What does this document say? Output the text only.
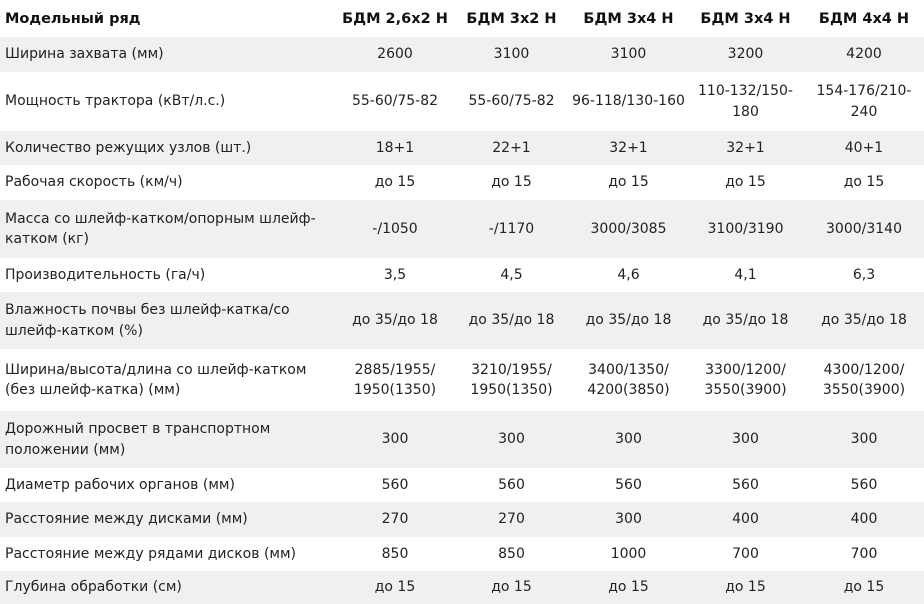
Модельный ряд	БДМ 2,6х2 Н	БДМ 3х2 Н	БДМ 3х4 Н	БДМ 3х4 Н	БДМ 4х4 Н
Ширина захвата (мм)	2600	3100	3100	3200	4200
Мощность трактора (кВт/л.с.)	55-60/75-82	55-60/75-82	96-118/130-160	110-132/150-180	154-176/210-240
Количество режущих узлов (шт.)	18+1	22+1	32+1	32+1	40+1
Рабочая скорость (км/ч)	до 15	до 15	до 15	до 15	до 15
Масса со шлейф-катком/опорным шлейф-катком (кг)	-/1050	-/1170	3000/3085	3100/3190	3000/3140
Производительность (га/ч)	3,5	4,5	4,6	4,1	6,3
Влажность почвы без шлейф-катка/со шлейф-катком (%)	до 35/до 18	до 35/до 18	до 35/до 18	до 35/до 18	до 35/до 18
Ширина/высота/длина со шлейф-катком (без шлейф-катка) (мм)	2885/1955/ 1950(1350)	3210/1955/ 1950(1350)	3400/1350/ 4200(3850)	3300/1200/ 3550(3900)	4300/1200/ 3550(3900)
Дорожный просвет в транспортном положении (мм)	300	300	300	300	300
Диаметр рабочих органов (мм)	560	560	560	560	560
Расстояние между дисками (мм)	270	270	300	400	400
Расстояние между рядами дисков (мм)	850	850	1000	700	700
Глубина обработки (см)	до 15	до 15	до 15	до 15	до 15
